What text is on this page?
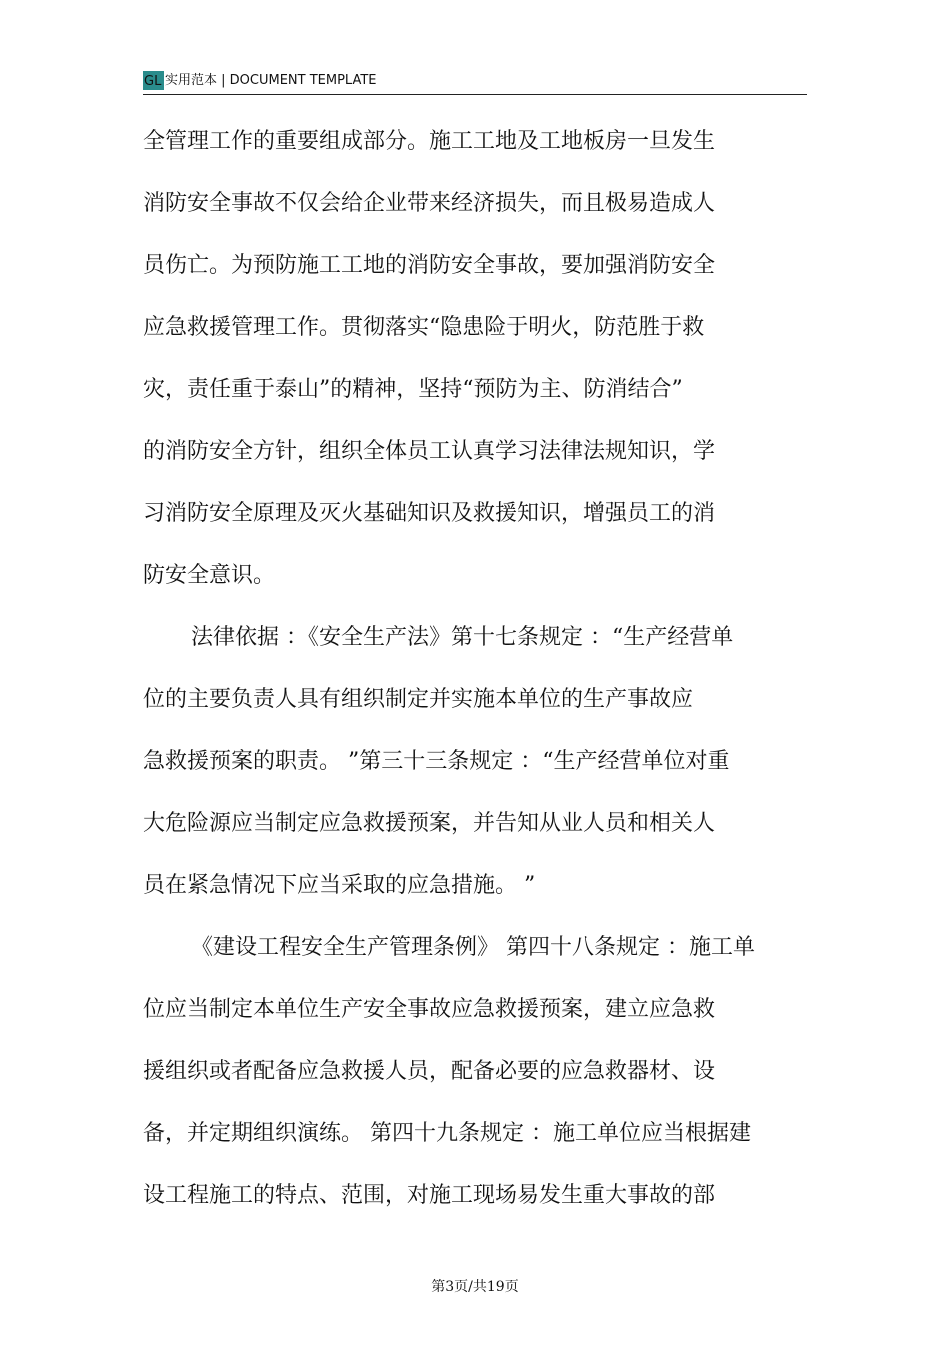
GL 实用范本 | DOCUMENT TEMPLATE
全管理工作的重要组成部分。施工工地及工地板房一旦发生
消防安全事故不仅会给企业带来经济损失，而且极易造成人
员伤亡。为预防施工工地的消防安全事故，要加强消防安全
应急救援管理工作。贯彻落实“隐患险于明火，防范胜于救
灾，责任重于泰山”的精神，坚持“预防为主、防消结合”
的消防安全方针，组织全体员工认真学习法律法规知识，学
习消防安全原理及灭火基础知识及救援知识，增强员工的消
防安全意识。
法律依据 ：《安全生产法》第十七条规定 ：“生产经营单
位的主要负责人具有组织制定并实施本单位的生产事故应
急救援预案的职责。 ”第三十三条规定 ：“生产经营单位对重
大危险源应当制定应急救援预案，并告知从业人员和相关人
员在紧急情况下应当采取的应急措施。 ”
《建设工程安全生产管理条例》 第四十八条规定 ：施工单
位应当制定本单位生产安全事故应急救援预案，建立应急救
援组织或者配备应急救援人员，配备必要的应急救器材、设
备，并定期组织演练。 第四十九条规定 ：施工单位应当根据建
设工程施工的特点、范围，对施工现场易发生重大事故的部
第3页/共19页
